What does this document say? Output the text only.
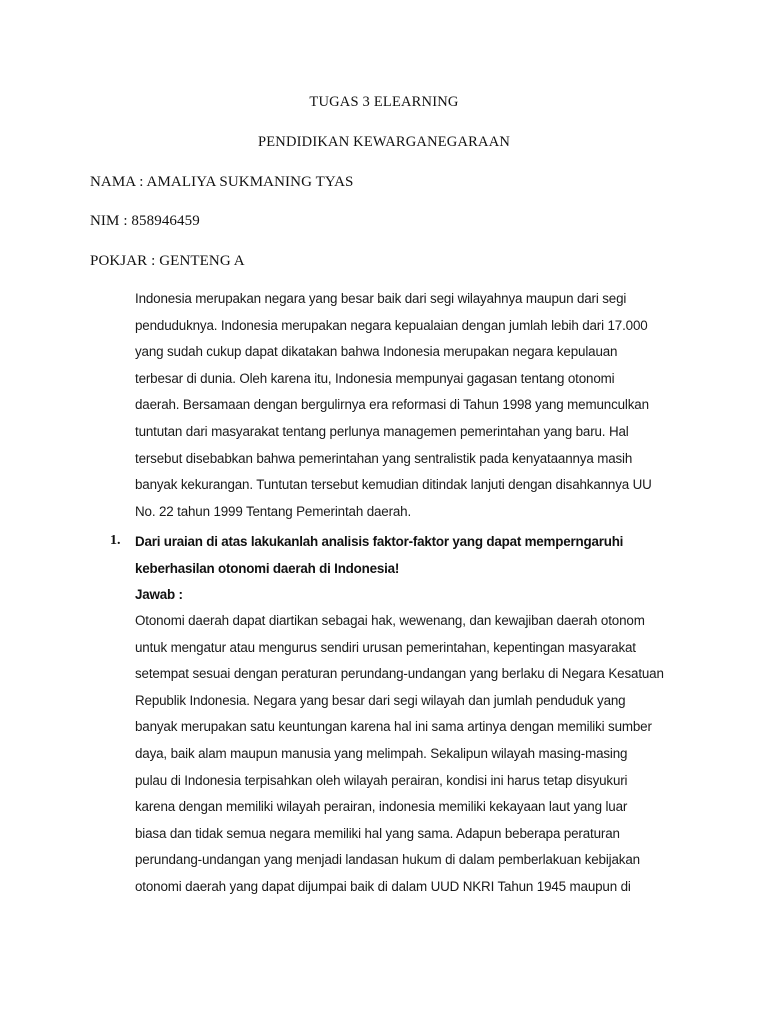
TUGAS 3 ELEARNING
PENDIDIKAN KEWARGANEGARAAN
NAMA : AMALIYA SUKMANING TYAS
NIM : 858946459
POKJAR : GENTENG A
Indonesia merupakan negara yang besar baik dari segi wilayahnya maupun dari segi
penduduknya. Indonesia merupakan negara kepualaian dengan jumlah lebih dari 17.000
yang sudah cukup dapat dikatakan bahwa Indonesia merupakan negara kepulauan
terbesar di dunia. Oleh karena itu, Indonesia mempunyai gagasan tentang otonomi
daerah. Bersamaan dengan bergulirnya era reformasi di Tahun 1998 yang memunculkan
tuntutan dari masyarakat tentang perlunya managemen pemerintahan yang baru. Hal
tersebut disebabkan bahwa pemerintahan yang sentralistik pada kenyataannya masih
banyak kekurangan. Tuntutan tersebut kemudian ditindak lanjuti dengan disahkannya UU
No. 22 tahun 1999 Tentang Pemerintah daerah.
1. Dari uraian di atas lakukanlah analisis faktor-faktor yang dapat memperngaruhi
keberhasilan otonomi daerah di Indonesia!
Jawab :
Otonomi daerah dapat diartikan sebagai hak, wewenang, dan kewajiban daerah otonom
untuk mengatur atau mengurus sendiri urusan pemerintahan, kepentingan masyarakat
setempat sesuai dengan peraturan perundang-undangan yang berlaku di Negara Kesatuan
Republik Indonesia. Negara yang besar dari segi wilayah dan jumlah penduduk yang
banyak merupakan satu keuntungan karena hal ini sama artinya dengan memiliki sumber
daya, baik alam maupun manusia yang melimpah. Sekalipun wilayah masing-masing
pulau di Indonesia terpisahkan oleh wilayah perairan, kondisi ini harus tetap disyukuri
karena dengan memiliki wilayah perairan, indonesia memiliki kekayaan laut yang luar
biasa dan tidak semua negara memiliki hal yang sama. Adapun beberapa peraturan
perundang-undangan yang menjadi landasan hukum di dalam pemberlakuan kebijakan
otonomi daerah yang dapat dijumpai baik di dalam UUD NKRI Tahun 1945 maupun di
